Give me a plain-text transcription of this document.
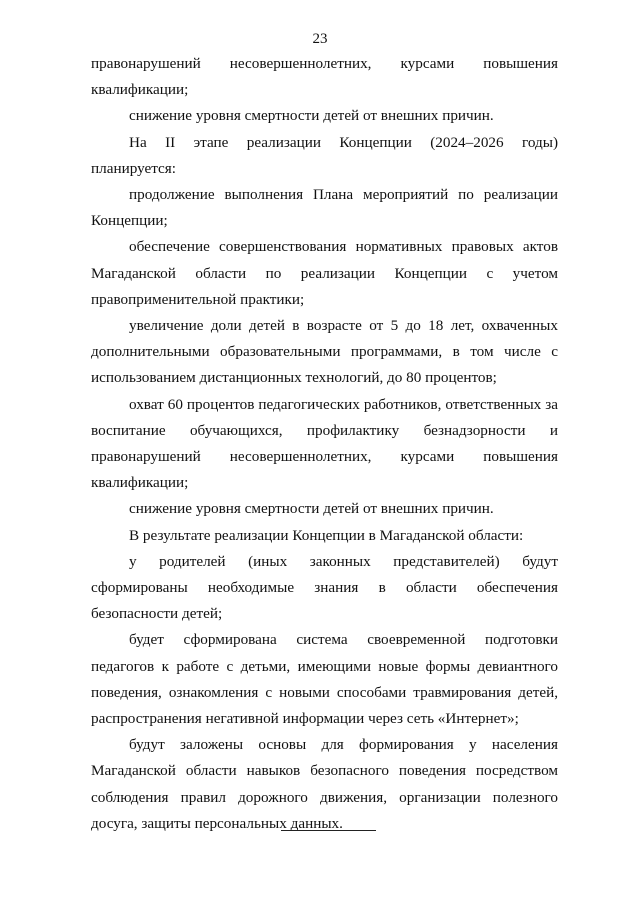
23

правонарушений несовершеннолетних, курсами повышения квалификации;

снижение уровня смертности детей от внешних причин.

На II этапе реализации Концепции (2024–2026 годы) планируется:

продолжение выполнения Плана мероприятий по реализации Концепции;

обеспечение совершенствования нормативных правовых актов Магаданской области по реализации Концепции с учетом правоприменительной практики;

увеличение доли детей в возрасте от 5 до 18 лет, охваченных дополнительными образовательными программами, в том числе с использованием дистанционных технологий, до 80 процентов;

охват 60 процентов педагогических работников, ответственных за воспитание обучающихся, профилактику безнадзорности и правонарушений несовершеннолетних, курсами повышения квалификации;

снижение уровня смертности детей от внешних причин.

В результате реализации Концепции в Магаданской области:

у родителей (иных законных представителей) будут сформированы необходимые знания в области обеспечения безопасности детей;

будет сформирована система своевременной подготовки педагогов к работе с детьми, имеющими новые формы девиантного поведения, ознакомления с новыми способами травмирования детей, распространения негативной информации через сеть «Интернет»;

будут заложены основы для формирования у населения Магаданской области навыков безопасного поведения посредством соблюдения правил дорожного движения, организации полезного досуга, защиты персональных данных.
